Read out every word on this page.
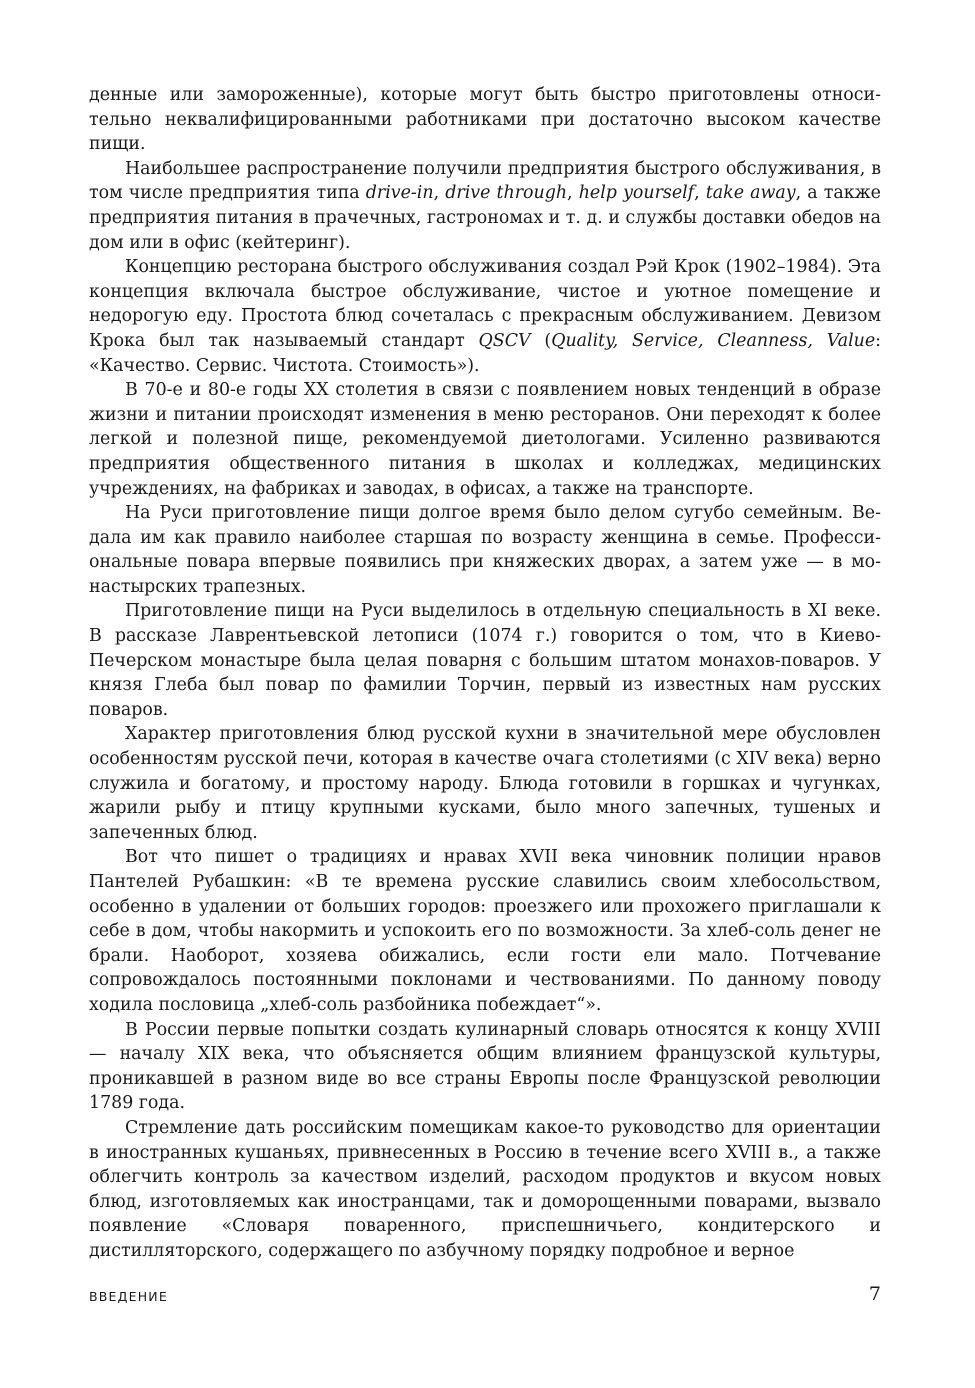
денные или замороженные), которые могут быть быстро приготовлены относительно неквалифицированными работниками при достаточно высоком качестве пищи.

Наибольшее распространение получили предприятия быстрого обслуживания, в том числе предприятия типа drive-in, drive through, help yourself, take away, а также предприятия питания в прачечных, гастрономах и т. д. и службы доставки обедов на дом или в офис (кейтеринг).

Концепцию ресторана быстрого обслуживания создал Рэй Крок (1902–1984). Эта концепция включала быстрое обслуживание, чистое и уютное помещение и недорогую еду. Простота блюд сочеталась с прекрасным обслуживанием. Девизом Крока был так называемый стандарт QSCV (Quality, Service, Cleanness, Value: «Качество. Сервис. Чистота. Стоимость»).

В 70-е и 80-е годы XX столетия в связи с появлением новых тенденций в образе жизни и питании происходят изменения в меню ресторанов. Они переходят к более легкой и полезной пище, рекомендуемой диетологами. Усиленно развиваются предприятия общественного питания в школах и колледжах, медицинских учреждениях, на фабриках и заводах, в офисах, а также на транспорте.

На Руси приготовление пищи долгое время было делом сугубо семейным. Ведала им как правило наиболее старшая по возрасту женщина в семье. Профессиональные повара впервые появились при княжеских дворах, а затем уже — в монастырских трапезных.

Приготовление пищи на Руси выделилось в отдельную специальность в XI веке. В рассказе Лаврентьевской летописи (1074 г.) говорится о том, что в Киево-Печерском монастыре была целая поварня с большим штатом монахов-поваров. У князя Глеба был повар по фамилии Торчин, первый из известных нам русских поваров.

Характер приготовления блюд русской кухни в значительной мере обусловлен особенностям русской печи, которая в качестве очага столетиями (с XIV века) верно служила и богатому, и простому народу. Блюда готовили в горшках и чугунках, жарили рыбу и птицу крупными кусками, было много запечных, тушеных и запеченных блюд.

Вот что пишет о традициях и нравах XVII века чиновник полиции нравов Пантелей Рубашкин: «В те времена русские славились своим хлебосольством, особенно в удалении от больших городов: проезжего или прохожего приглашали к себе в дом, чтобы накормить и успокоить его по возможности. За хлеб-соль денег не брали. Наоборот, хозяева обижались, если гости ели мало. Потчевание сопровождалось постоянными поклонами и чествованиями. По данному поводу ходила пословица „хлеб-соль разбойника побеждает“».

В России первые попытки создать кулинарный словарь относятся к концу XVIII — началу XIX века, что объясняется общим влиянием французской культуры, проникавшей в разном виде во все страны Европы после Французской революции 1789 года.

Стремление дать российским помещикам какое-то руководство для ориентации в иностранных кушаньях, привнесенных в Россию в течение всего XVIII в., а также облегчить контроль за качеством изделий, расходом продуктов и вкусом новых блюд, изготовляемых как иностранцами, так и доморощенными поварами, вызвало появление «Словаря поваренного, приспешничьего, кондитерского и дистилляторского, содержащего по азбучному порядку подробное и верное

ВВЕДЕНИЕ	7
